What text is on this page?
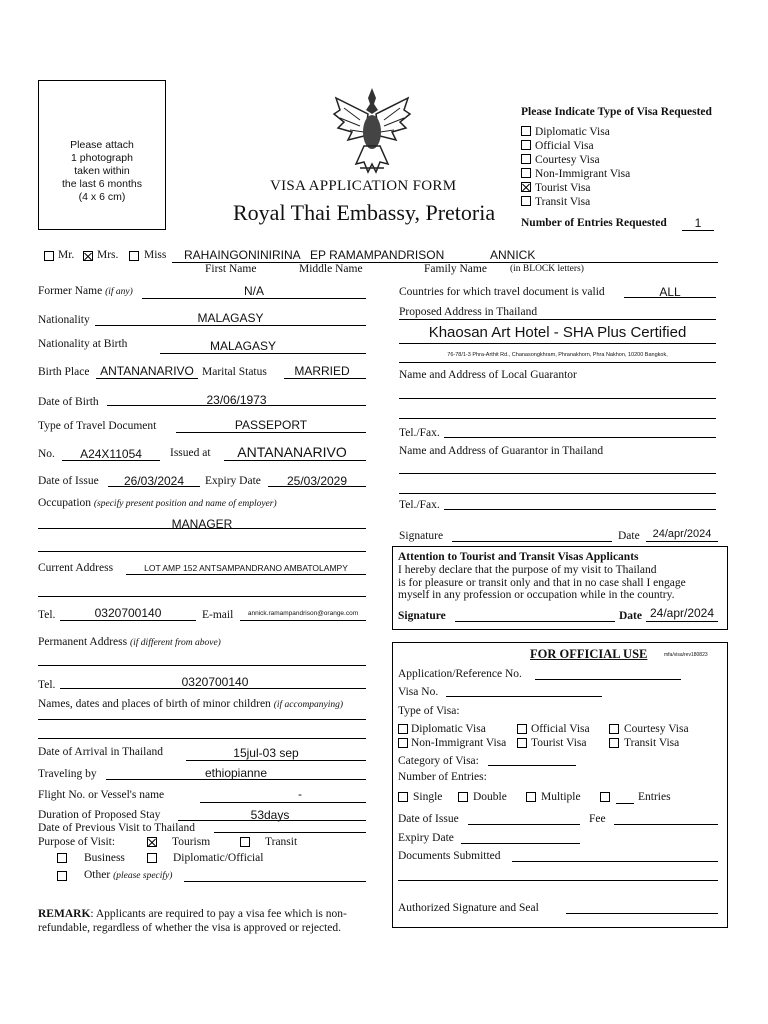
Please attach
1 photograph
taken within
the last 6 months
(4 x 6 cm)
VISA APPLICATION FORM
Royal Thai Embassy, Pretoria
Please Indicate Type of Visa Requested
Diplomatic Visa
Official Visa
Courtesy Visa
Non-Immigrant Visa
Tourist Visa
Transit Visa
Number of Entries Requested	1
Mr. Mrs. Miss RAHAINGONINIRINA EP RAMAMPANDRISON	ANNICK
First Name	Middle Name	Family Name (in BLOCK letters)
Former Name (if any)	N/A
Nationality	MALAGASY
Nationality at Birth	MALAGASY
Birth Place ANTANANARIVO Marital Status	MARRIED
Date of Birth	23/06/1973
Type of Travel Document	PASSEPORT
No.	A24X11054	Issued at	ANTANANARIVO
Date of Issue	26/03/2024	Expiry Date	25/03/2029
Occupation (specify present position and name of employer)
MANAGER
Current Address	LOT AMP 152 ANTSAMPANDRANO AMBATOLAMPY
Tel.	0320700140	E-mail	annick.ramampandrison@orange.com
Permanent Address (if different from above)
Tel.	0320700140
Names, dates and places of birth of minor children (if accompanying)
Date of Arrival in Thailand	15jul-03 sep
Traveling by	ethiopianne
Flight No. or Vessel's name	-
Duration of Proposed Stay	53days
Date of Previous Visit to Thailand
Purpose of Visit:	Tourism	Transit
Business	Diplomatic/Official
Other (please specify)
REMARK: Applicants are required to pay a visa fee which is non-
refundable, regardless of whether the visa is approved or rejected.
Countries for which travel document is valid	ALL
Proposed Address in Thailand
Khaosan Art Hotel - SHA Plus Certified
76-78/1-3 Phra-Arthit Rd., Chanasongkhram, Phranakhorn, Phra Nakhon, 10200 Bangkok,
Name and Address of Local Guarantor
Tel./Fax.
Name and Address of Guarantor in Thailand
Tel./Fax.
Signature	Date	24/apr/2024
Attention to Tourist and Transit Visas Applicants
I hereby declare that the purpose of my visit to Thailand
is for pleasure or transit only and that in no case shall I engage
myself in any profession or occupation while in the country.
Signature	Date 24/apr/2024
FOR OFFICIAL USE	mfa/visa/rev180823
Application/Reference No.
Visa No.
Type of Visa:
Diplomatic Visa	Official Visa	Courtesy Visa
Non-Immigrant Visa Tourist Visa	Transit Visa
Category of Visa:
Number of Entries:
Single	Double	Multiple	Entries
Date of Issue	Fee
Expiry Date
Documents Submitted
Authorized Signature and Seal
